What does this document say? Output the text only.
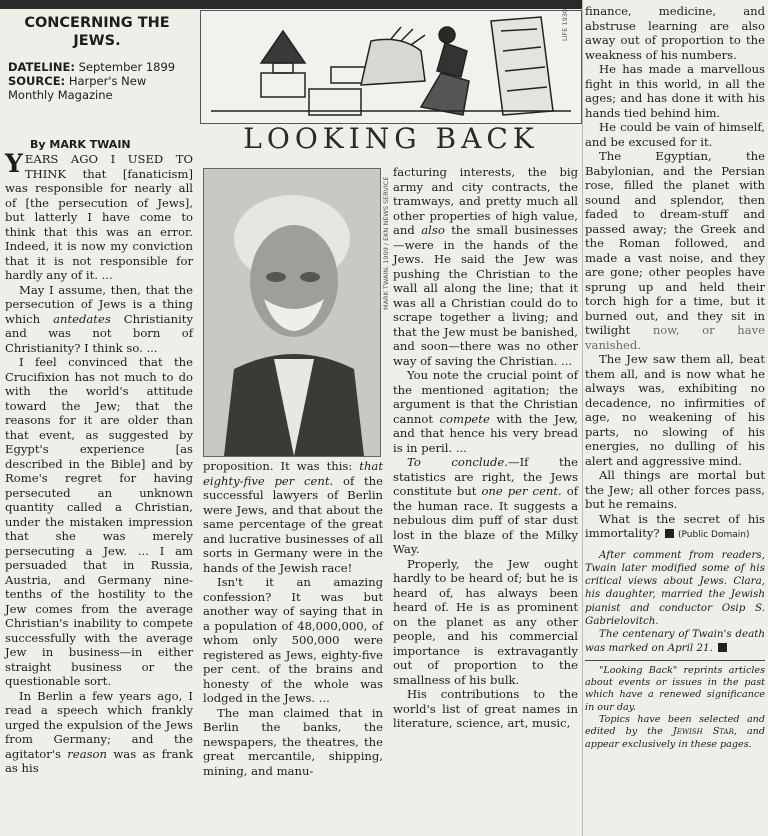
CONCERNING THE JEWS.
DATELINE: September 1899
SOURCE: Harper's New Monthly Magazine
By MARK TWAIN
LIFE 1930
LOOKING BACK
MARK TWAIN, 1909 / EKN NEWS SERVICE

YEARS AGO I USED TO THINK that [fanaticism] was responsible for nearly all of [the persecution of Jews], but latterly I have come to think that this was an error. Indeed, it is now my conviction that it is not responsible for hardly any of it. ...

May I assume, then, that the persecution of Jews is a thing which antedates Christianity and was not born of Christianity? I think so. ...

I feel convinced that the Crucifixion has not much to do with the world's attitude toward the Jew; that the reasons for it are older than that event, as suggested by Egypt's experience [as described in the Bible] and by Rome's regret for having persecuted an unknown quantity called a Christian, under the mistaken impression that she was merely persecuting a Jew. ... I am persuaded that in Russia, Austria, and Germany nine-tenths of the hostility to the Jew comes from the average Christian's inability to compete successfully with the average Jew in business—in either straight business or the questionable sort.

In Berlin a few years ago, I read a speech which frankly urged the expulsion of the Jews from Germany; and the agitator's reason was as frank as his

proposition. It was this: that eighty-five per cent. of the successful lawyers of Berlin were Jews, and that about the same percentage of the great and lucrative businesses of all sorts in Germany were in the hands of the Jewish race!

Isn't it an amazing confession? It was but another way of saying that in a population of 48,000,000, of whom only 500,000 were registered as Jews, eighty-five per cent. of the brains and honesty of the whole was lodged in the Jews. ...

The man claimed that in Berlin the banks, the newspapers, the theatres, the great mercantile, shipping, mining, and manu-

facturing interests, the big army and city contracts, the tramways, and pretty much all other properties of high value, and also the small businesses—were in the hands of the Jews. He said the Jew was pushing the Christian to the wall all along the line; that it was all a Christian could do to scrape together a living; and that the Jew must be banished, and soon—there was no other way of saving the Christian. ...

You note the crucial point of the mentioned agitation; the argument is that the Christian cannot compete with the Jew, and that hence his very bread is in peril. ...

To conclude.—If the statistics are right, the Jews constitute but one per cent. of the human race. It suggests a nebulous dim puff of star dust lost in the blaze of the Milky Way.

Properly, the Jew ought hardly to be heard of; but he is heard of, has always been heard of. He is as prominent on the planet as any other people, and his commercial importance is extravagantly out of proportion to the smallness of his bulk.

His contributions to the world's list of great names in literature, science, art, music,

finance, medicine, and abstruse learning are also away out of proportion to the weakness of his numbers.

He has made a marvellous fight in this world, in all the ages; and has done it with his hands tied behind him.

He could be vain of himself, and be excused for it.

The Egyptian, the Babylonian, and the Persian rose, filled the planet with sound and splendor, then faded to dream-stuff and passed away; the Greek and the Roman followed, and made a vast noise, and they are gone; other peoples have sprung up and held their torch high for a time, but it burned out, and they sit in twilight now, or have vanished.

The Jew saw them all, beat them all, and is now what he always was, exhibiting no decadence, no infirmities of age, no weakening of his parts, no slowing of his energies, no dulling of his alert and aggressive mind.

All things are mortal but the Jew; all other forces pass, but he remains.

What is the secret of his immortality? (Public Domain)

After comment from readers, Twain later modified some of his critical views about Jews. Clara, his daughter, married the Jewish pianist and conductor Osip S. Gabrielovitch.

The centenary of Twain's death was marked on April 21.

"Looking Back" reprints articles about events or issues in the past which have a renewed significance in our day.

Topics have been selected and edited by the Jewish Star, and appear exclusively in these pages.
